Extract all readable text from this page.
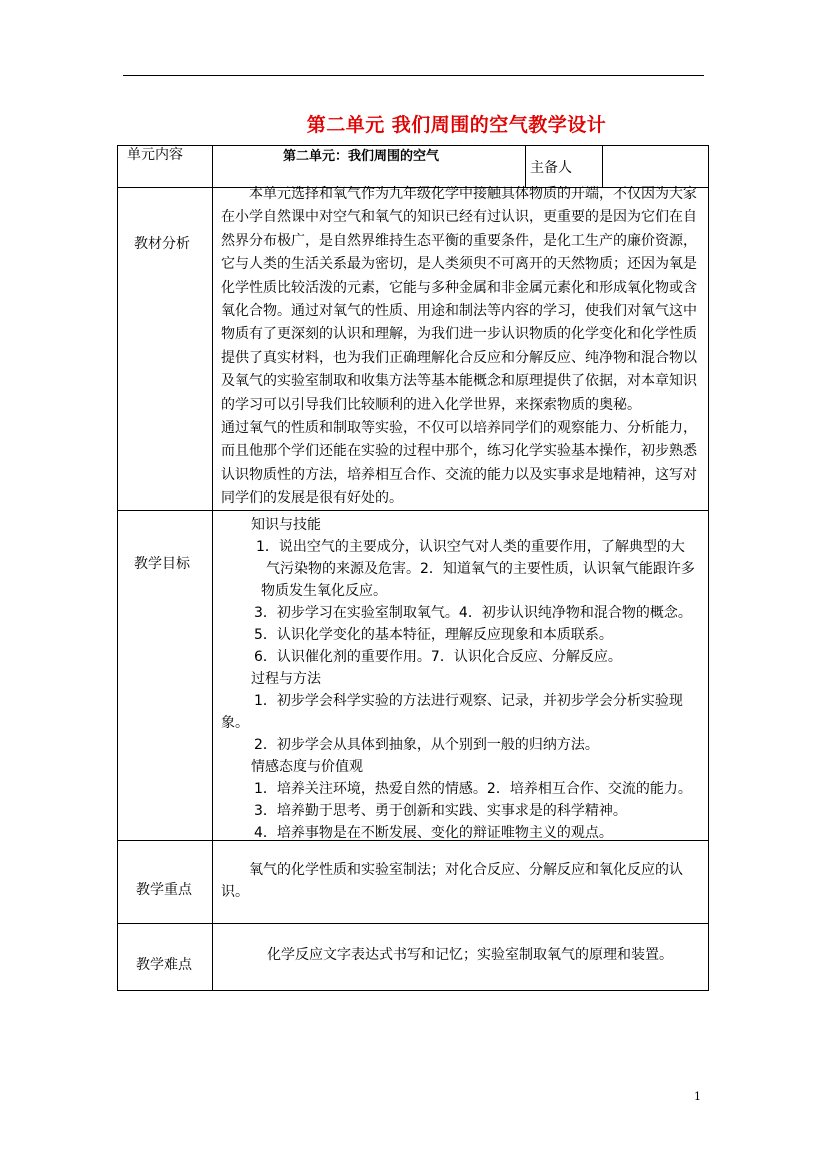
第二单元 我们周围的空气教学设计
单元内容	第二单元：我们周围的空气
主备人
教材分析

本单元选择和氧气作为九年级化学中接触具体物质的开端，不仅因为大家在小学自然课中对空气和氧气的知识已经有过认识，更重要的是因为它们在自然界分布极广，是自然界维持生态平衡的重要条件，是化工生产的廉价资源，它与人类的生活关系最为密切，是人类须臾不可离开的天然物质；还因为氧是化学性质比较活泼的元素，它能与多种金属和非金属元素化和形成氧化物或含氧化合物。通过对氧气的性质、用途和制法等内容的学习，使我们对氧气这中物质有了更深刻的认识和理解，为我们进一步认识物质的化学变化和化学性质提供了真实材料，也为我们正确理解化合反应和分解反应、纯净物和混合物以及氧气的实验室制取和收集方法等基本能概念和原理提供了依据，对本章知识的学习可以引导我们比较顺利的进入化学世界，来探索物质的奥秘。

通过氧气的性质和制取等实验，不仅可以培养同学们的观察能力、分析能力，而且他那个学们还能在实验的过程中那个，练习化学实验基本操作，初步熟悉认识物质性的方法，培养相互合作、交流的能力以及实事求是地精神，这写对同学们的发展是很有好处的。

教学目标
知识与技能
1．说出空气的主要成分，认识空气对人类的重要作用，了解典型的大
气污染物的来源及危害。2．知道氧气的主要性质，认识氧气能跟许多
物质发生氧化反应。
3．初步学习在实验室制取氧气。4．初步认识纯净物和混合物的概念。
5．认识化学变化的基本特征，理解反应现象和本质联系。
6．认识催化剂的重要作用。7．认识化合反应、分解反应。
过程与方法
1．初步学会科学实验的方法进行观察、记录，并初步学会分析实验现
象。
2．初步学会从具体到抽象，从个别到一般的归纳方法。
情感态度与价值观
1．培养关注环境，热爱自然的情感。2．培养相互合作、交流的能力。
3．培养勤于思考、勇于创新和实践、实事求是的科学精神。
4．培养事物是在不断发展、变化的辩证唯物主义的观点。
教学重点
氧气的化学性质和实验室制法；对化合反应、分解反应和氧化反应的认识。
教学难点
化学反应文字表达式书写和记忆；实验室制取氧气的原理和装置。
1
